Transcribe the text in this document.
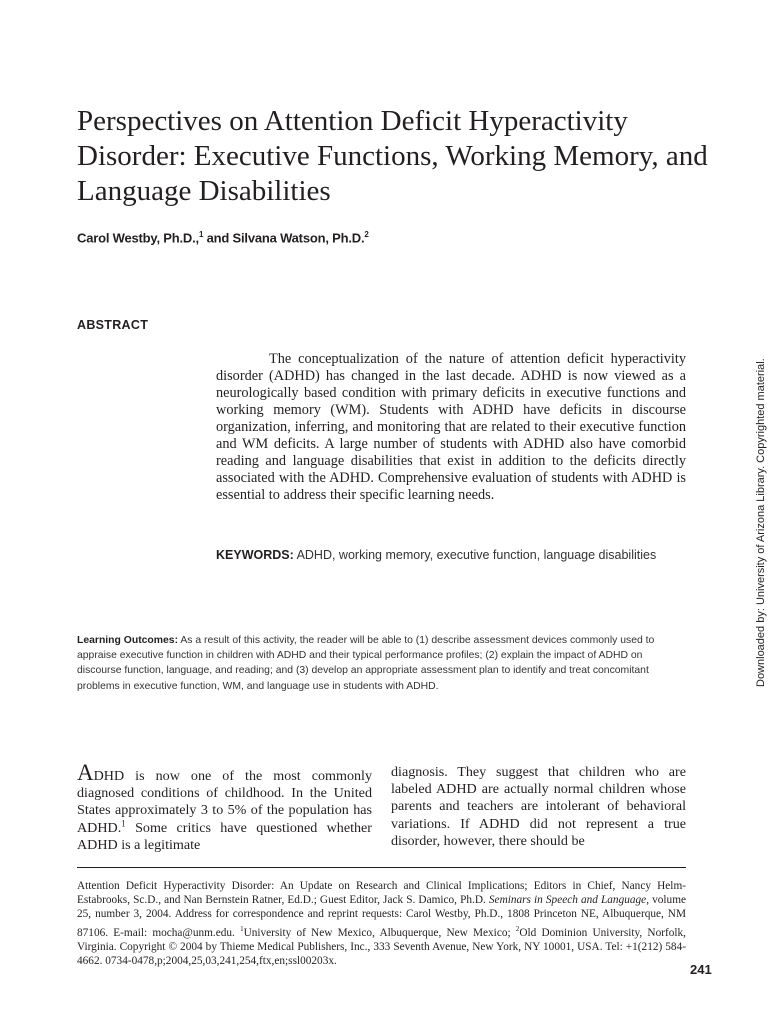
Perspectives on Attention Deficit Hyperactivity Disorder: Executive Functions, Working Memory, and Language Disabilities
Carol Westby, Ph.D.,$^1$ and Silvana Watson, Ph.D.$^2$
ABSTRACT

The conceptualization of the nature of attention deficit hyperactivity disorder (ADHD) has changed in the last decade. ADHD is now viewed as a neurologically based condition with primary deficits in executive functions and working memory (WM). Students with ADHD have deficits in discourse organization, inferring, and monitoring that are related to their executive function and WM deficits. A large number of students with ADHD also have comorbid reading and language disabilities that exist in addition to the deficits directly associated with the ADHD. Comprehensive evaluation of students with ADHD is essential to address their specific learning needs.

KEYWORDS: ADHD, working memory, executive function, language disabilities

Learning Outcomes: As a result of this activity, the reader will be able to (1) describe assessment devices commonly used to appraise executive function in children with ADHD and their typical performance profiles; (2) explain the impact of ADHD on discourse function, language, and reading; and (3) develop an appropriate assessment plan to identify and treat concomitant problems in executive function, WM, and language use in students with ADHD.

ADHD is now one of the most commonly diagnosed conditions of childhood. In the United States approximately 3 to 5% of the population has ADHD.$^1$ Some critics have questioned whether ADHD is a legitimate

diagnosis. They suggest that children who are labeled ADHD are actually normal children whose parents and teachers are intolerant of behavioral variations. If ADHD did not represent a true disorder, however, there should be

Attention Deficit Hyperactivity Disorder: An Update on Research and Clinical Implications; Editors in Chief, Nancy Helm-Estabrooks, Sc.D., and Nan Bernstein Ratner, Ed.D.; Guest Editor, Jack S. Damico, Ph.D. Seminars in Speech and Language, volume 25, number 3, 2004. Address for correspondence and reprint requests: Carol Westby, Ph.D., 1808 Princeton NE, Albuquerque, NM 87106. E-mail: mocha@unm.edu. $^1$University of New Mexico, Albuquerque, New Mexico; $^2$Old Dominion University, Norfolk, Virginia. Copyright © 2004 by Thieme Medical Publishers, Inc., 333 Seventh Avenue, New York, NY 10001, USA. Tel: +1(212) 584-4662. 0734-0478,p;2004,25,03,241,254,ftx,en;ssl00203x.

241
Downloaded by: University of Arizona Library. Copyrighted material.
